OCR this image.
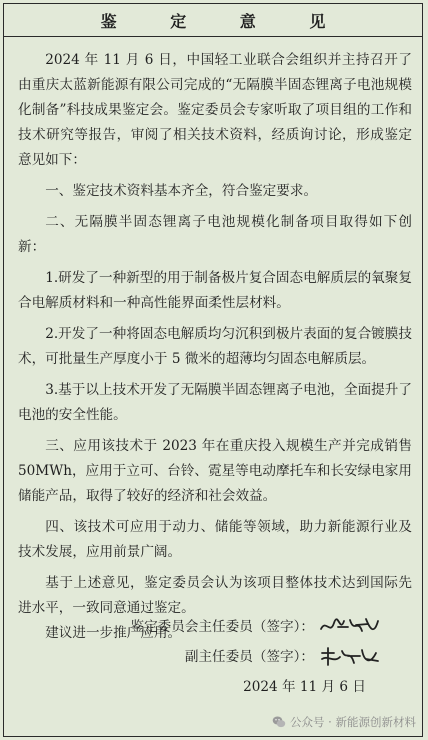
鉴 定 意 见

2024 年 11 月 6 日，中国轻工业联合会组织并主持召开了由重庆太蓝新能源有限公司完成的“无隔膜半固态锂离子电池规模化制备”科技成果鉴定会。鉴定委员会专家听取了项目组的工作和技术研究等报告，审阅了相关技术资料，经质询讨论，形成鉴定意见如下：

一、鉴定技术资料基本齐全，符合鉴定要求。

二、无隔膜半固态锂离子电池规模化制备项目取得如下创新：

1.研发了一种新型的用于制备极片复合固态电解质层的氧聚复合电解质材料和一种高性能界面柔性层材料。

2.开发了一种将固态电解质均匀沉积到极片表面的复合镀膜技术，可批量生产厚度小于 5 微米的超薄均匀固态电解质层。

3.基于以上技术开发了无隔膜半固态锂离子电池，全面提升了电池的安全性能。

三、应用该技术于 2023 年在重庆投入规模生产并完成销售 50MWh，应用于立可、台铃、霓星等电动摩托车和长安绿电家用储能产品，取得了较好的经济和社会效益。

四、该技术可应用于动力、储能等领域，助力新能源行业及技术发展，应用前景广阔。

基于上述意见，鉴定委员会认为该项目整体技术达到国际先进水平，一致同意通过鉴定。

建议进一步推广应用。

鉴定委员会主任委员（签字）：
副主任委员（签字）：
2024 年 11 月 6 日
公众号 · 新能源创新材料
